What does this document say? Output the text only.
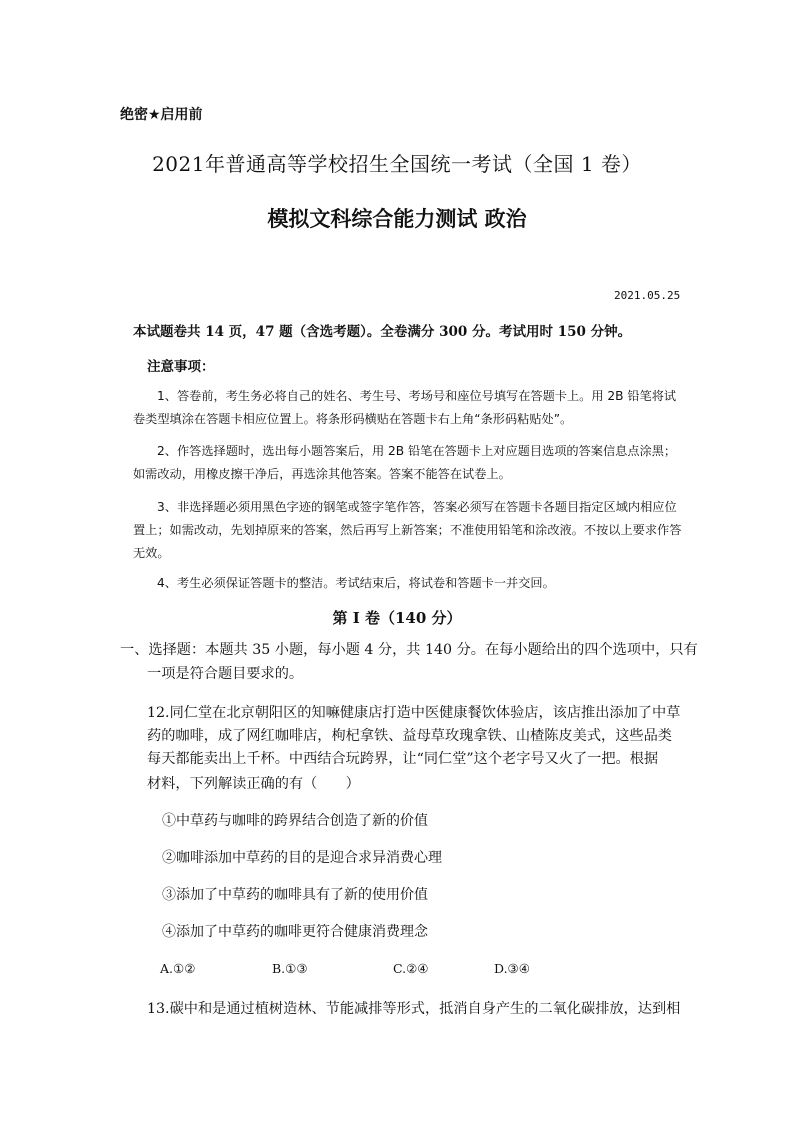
绝密★启用前
2021年普通高等学校招生全国统一考试（全国 1 卷）
模拟文科综合能力测试 政治
2021.05.25
本试题卷共 14 页，47 题（含选考题）。全卷满分 300 分。考试用时 150 分钟。
注意事项：
1、答卷前，考生务必将自己的姓名、考生号、考场号和座位号填写在答题卡上。用 2B 铅笔将试卷类型填涂在答题卡相应位置上。将条形码横贴在答题卡右上角“条形码粘贴处”。
2、作答选择题时，选出每小题答案后，用 2B 铅笔在答题卡上对应题目选项的答案信息点涂黑；如需改动，用橡皮擦干净后，再选涂其他答案。答案不能答在试卷上。
3、非选择题必须用黑色字迹的钢笔或签字笔作答，答案必须写在答题卡各题目指定区域内相应位置上；如需改动，先划掉原来的答案，然后再写上新答案；不准使用铅笔和涂改液。不按以上要求作答无效。
4、考生必须保证答题卡的整洁。考试结束后，将试卷和答题卡一并交回。
第 I 卷（140 分）
一、选择题：本题共 35 小题，每小题 4 分，共 140 分。在每小题给出的四个选项中，只有
一项是符合题目要求的。
12.同仁堂在北京朝阳区的知嘛健康店打造中医健康餐饮体验店，该店推出添加了中草
药的咖啡，成了网红咖啡店，枸杞拿铁、益母草玫瑰拿铁、山楂陈皮美式，这些品类
每天都能卖出上千杯。中西结合玩跨界，让“同仁堂”这个老字号又火了一把。根据
材料，下列解读正确的有（　　）
①中草药与咖啡的跨界结合创造了新的价值
②咖啡添加中草药的目的是迎合求异消费心理
③添加了中草药的咖啡具有了新的使用价值
④添加了中草药的咖啡更符合健康消费理念
A.①②	B.①③	C.②④	D.③④
13.碳中和是通过植树造林、节能减排等形式，抵消自身产生的二氧化碳排放，达到相
